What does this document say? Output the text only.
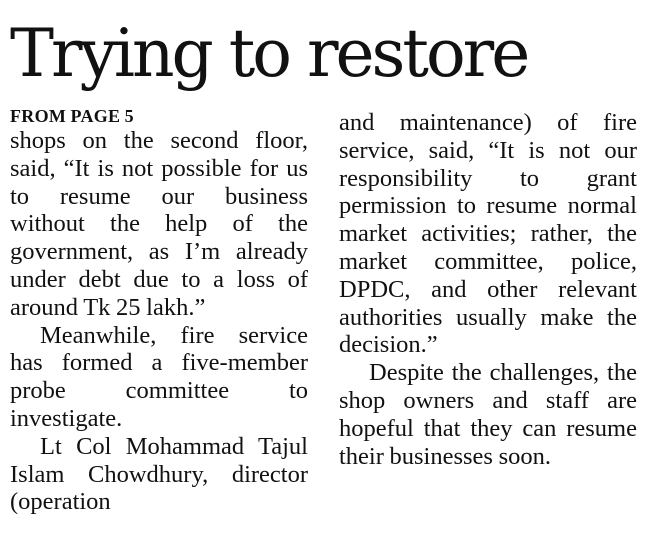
Trying to restore
FROM PAGE 5

shops on the second floor, said, “It is not possible for us to resume our business without the help of the government, as I’m already under debt due to a loss of around Tk 25 lakh.”

Meanwhile, fire service has formed a five-member probe committee to investigate.

Lt Col Mohammad Tajul Islam Chowdhury, director (operation

and maintenance) of fire service, said, “It is not our responsibility to grant permission to resume normal market activities; rather, the market committee, police, DPDC, and other relevant authorities usually make the decision.”

Despite the challenges, the shop owners and staff are hopeful that they can resume their businesses soon.
